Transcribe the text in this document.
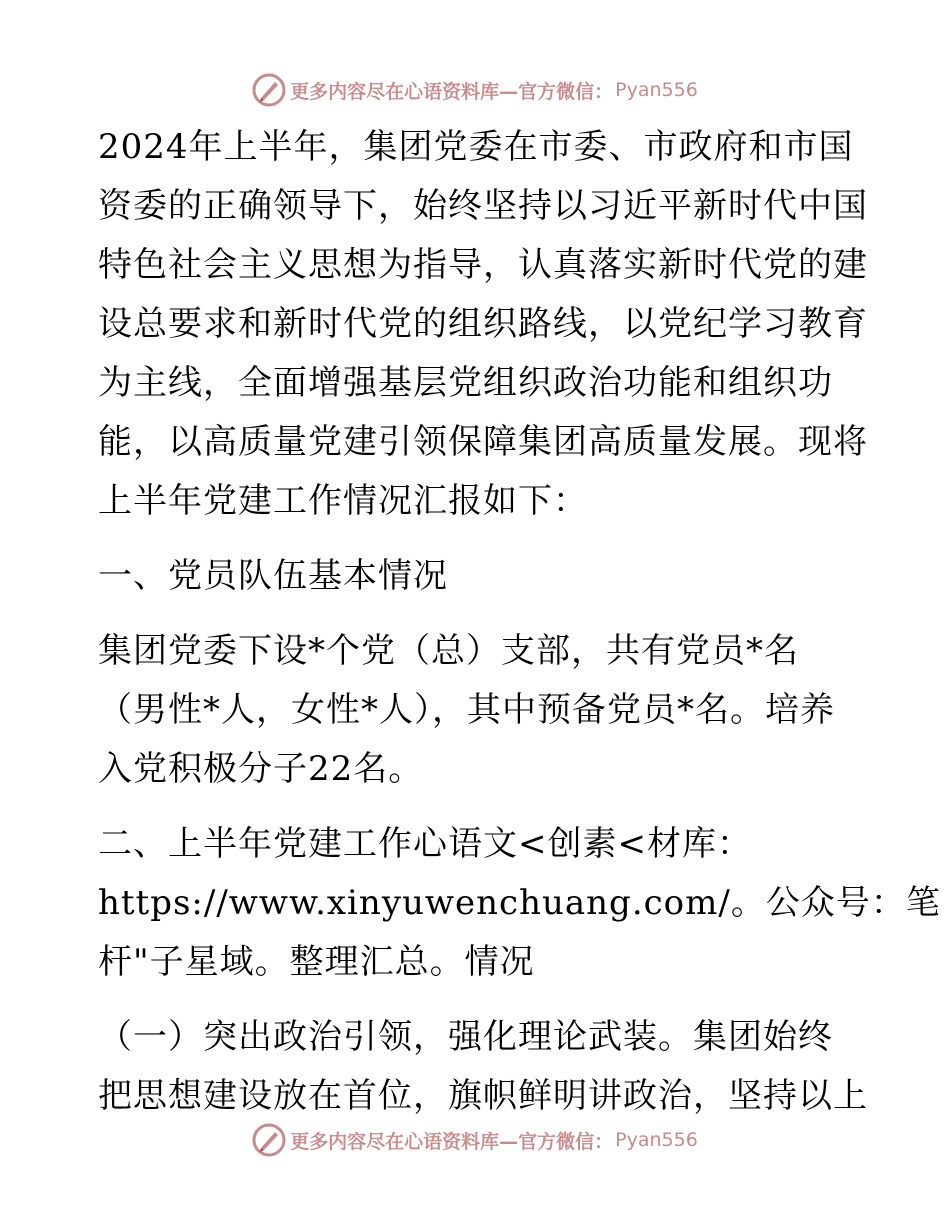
更多内容尽在心语资料库—官方微信： Pyan556
2024年上半年，集团党委在市委、市政府和市国
资委的正确领导下，始终坚持以习近平新时代中国
特色社会主义思想为指导，认真落实新时代党的建
设总要求和新时代党的组织路线，以党纪学习教育
为主线，全面增强基层党组织政治功能和组织功
能，以高质量党建引领保障集团高质量发展。现将
上半年党建工作情况汇报如下：
一、党员队伍基本情况
集团党委下设*个党（总）支部，共有党员*名
（男性*人，女性*人），其中预备党员*名。培养
入党积极分子22名。
二、上半年党建工作心语文<创素<材库：
https://www.xinyuwenchuang.com/。公众号：笔
杆"子星域。整理汇总。情况
（一）突出政治引领，强化理论武装。集团始终
把思想建设放在首位，旗帜鲜明讲政治，坚持以上
更多内容尽在心语资料库—官方微信： Pyan556
